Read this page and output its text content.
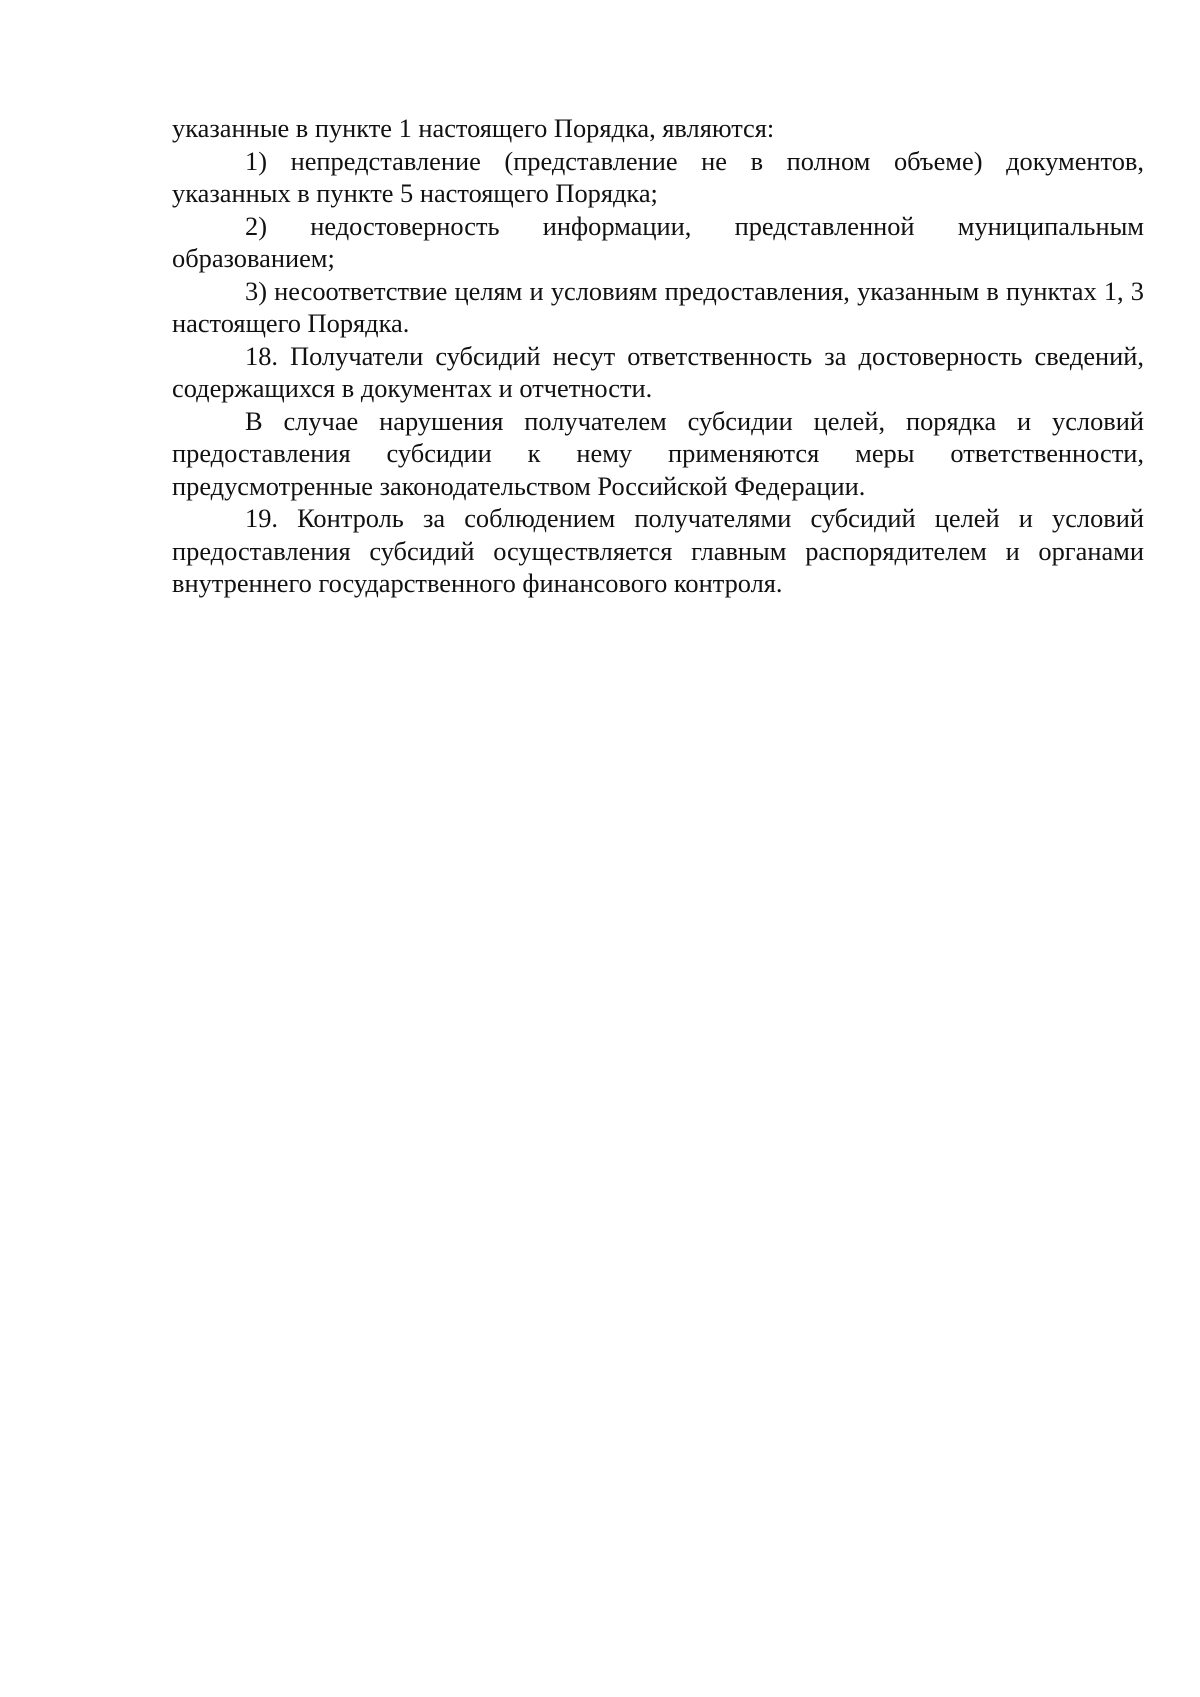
указанные в пункте 1 настоящего Порядка, являются:

1) непредставление (представление не в полном объеме) документов, указанных в пункте 5 настоящего Порядка;

2) недостоверность информации, представленной муниципальным образованием;

3) несоответствие целям и условиям предоставления, указанным в пунктах 1, 3 настоящего Порядка.

18. Получатели субсидий несут ответственность за достоверность сведений, содержащихся в документах и отчетности.

В случае нарушения получателем субсидии целей, порядка и условий предоставления субсидии к нему применяются меры ответственности, предусмотренные законодательством Российской Федерации.

19. Контроль за соблюдением получателями субсидий целей и условий предоставления субсидий осуществляется главным распорядителем и органами внутреннего государственного финансового контроля.
